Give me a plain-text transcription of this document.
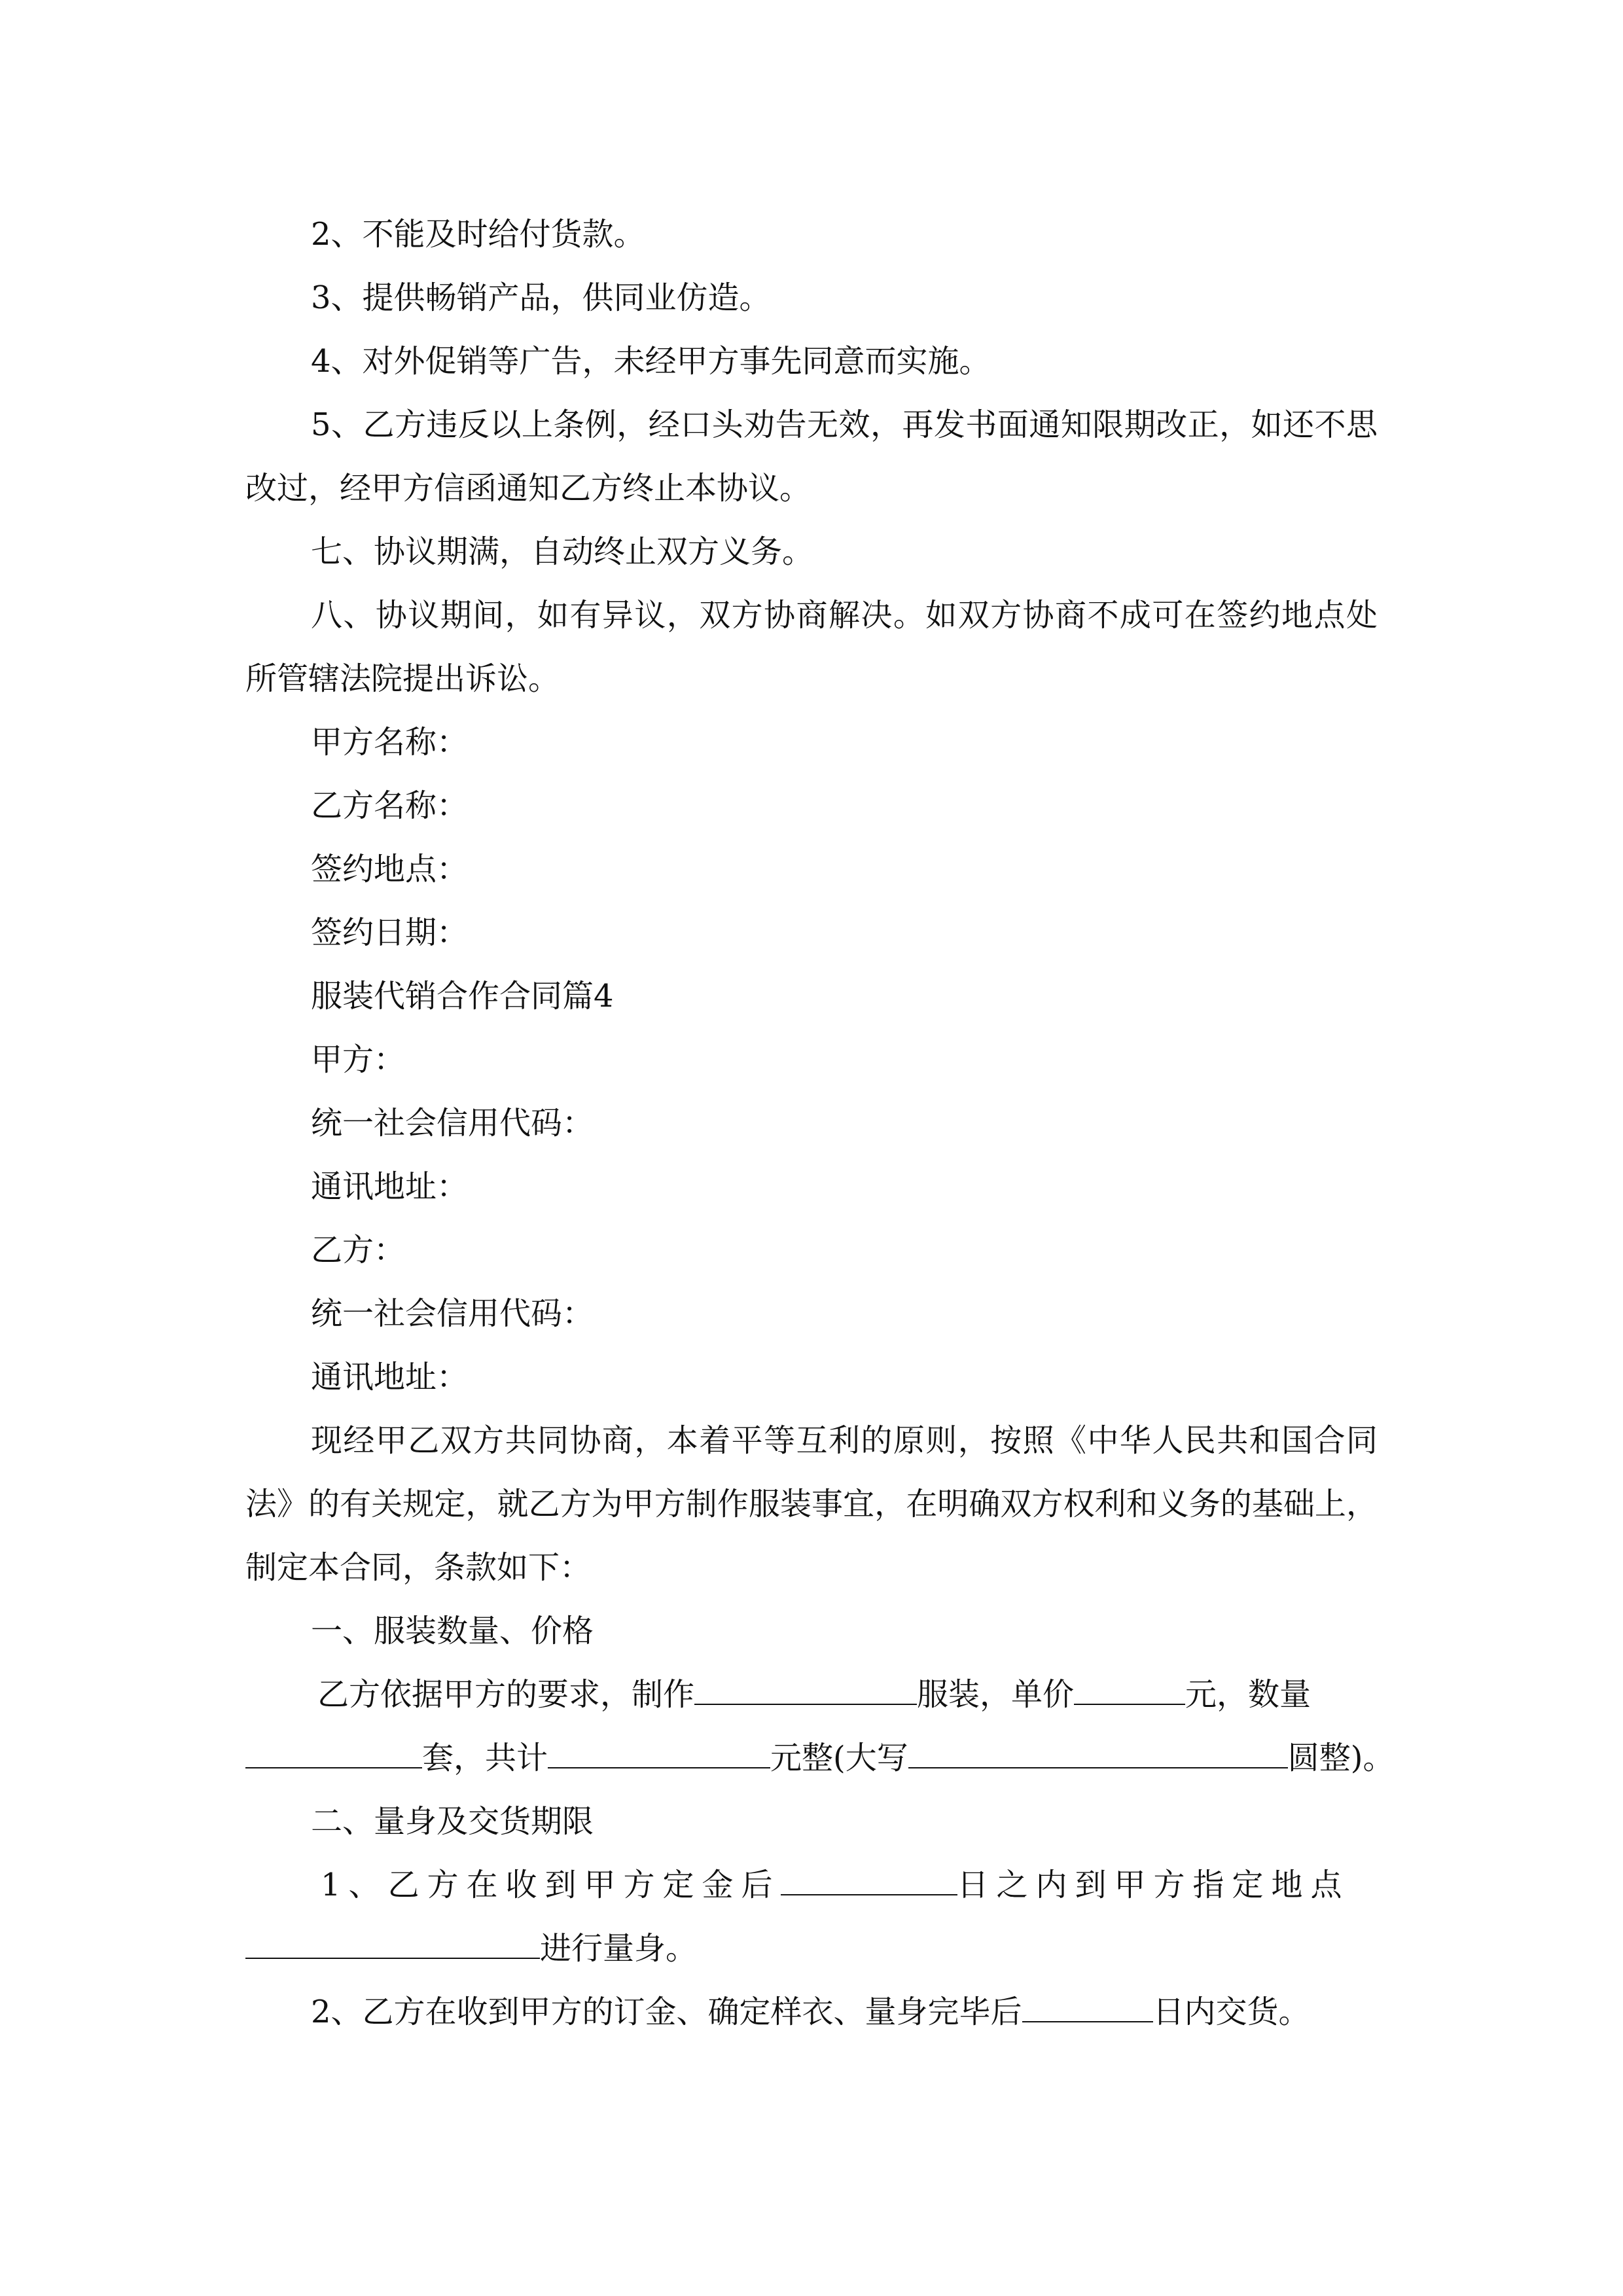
2、不能及时给付货款。

3、提供畅销产品，供同业仿造。

4、对外促销等广告，未经甲方事先同意而实施。

5、乙方违反以上条例，经口头劝告无效，再发书面通知限期改正，如还不思改过，经甲方信函通知乙方终止本协议。

七、协议期满，自动终止双方义务。

八、协议期间，如有异议，双方协商解决。如双方协商不成可在签约地点处所管辖法院提出诉讼。

甲方名称：

乙方名称：

签约地点：

签约日期：

服装代销合作合同篇4

甲方：

统一社会信用代码：

通讯地址：

乙方：

统一社会信用代码：

通讯地址：

现经甲乙双方共同协商，本着平等互利的原则，按照《中华人民共和国合同法》的有关规定，就乙方为甲方制作服装事宜，在明确双方权利和义务的基础上，制定本合同，条款如下：

一、服装数量、价格

乙方依据甲方的要求，制作	服装，单价	元，数量

套，共计	元整(大写	圆整)。

二、量身及交货期限

1、乙方在收到甲方定金后	日之内到甲方指定地点

进行量身。

2、乙方在收到甲方的订金、确定样衣、量身完毕后	日内交货。
